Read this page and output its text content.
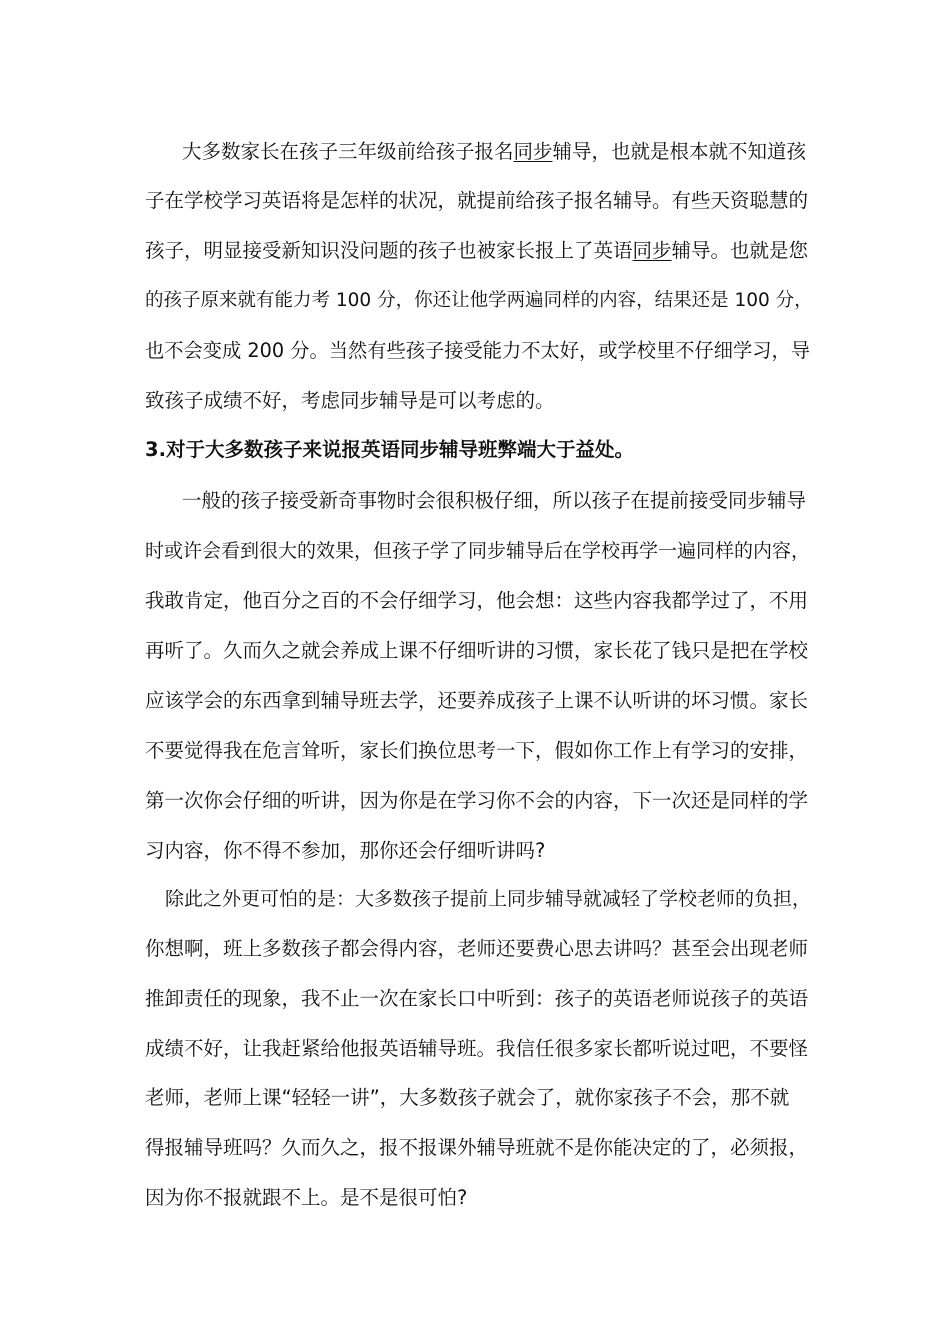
大多数家长在孩子三年级前给孩子报名同步辅导，也就是根本就不知道孩
子在学校学习英语将是怎样的状况，就提前给孩子报名辅导。有些天资聪慧的
孩子，明显接受新知识没问题的孩子也被家长报上了英语同步辅导。也就是您
的孩子原来就有能力考 100 分，你还让他学两遍同样的内容，结果还是 100 分，
也不会变成 200 分。当然有些孩子接受能力不太好，或学校里不仔细学习，导
致孩子成绩不好，考虑同步辅导是可以考虑的。
3.对于大多数孩子来说报英语同步辅导班弊端大于益处。
一般的孩子接受新奇事物时会很积极仔细，所以孩子在提前接受同步辅导
时或许会看到很大的效果，但孩子学了同步辅导后在学校再学一遍同样的内容，
我敢肯定，他百分之百的不会仔细学习，他会想：这些内容我都学过了，不用
再听了。久而久之就会养成上课不仔细听讲的习惯，家长花了钱只是把在学校
应该学会的东西拿到辅导班去学，还要养成孩子上课不认听讲的坏习惯。家长
不要觉得我在危言耸听，家长们换位思考一下，假如你工作上有学习的安排，
第一次你会仔细的听讲，因为你是在学习你不会的内容，下一次还是同样的学
习内容，你不得不参加，那你还会仔细听讲吗?
除此之外更可怕的是：大多数孩子提前上同步辅导就减轻了学校老师的负担，
你想啊，班上多数孩子都会得内容，老师还要费心思去讲吗？甚至会出现老师
推卸责任的现象，我不止一次在家长口中听到：孩子的英语老师说孩子的英语
成绩不好，让我赶紧给他报英语辅导班。我信任很多家长都听说过吧，不要怪
老师，老师上课“轻轻一讲”，大多数孩子就会了，就你家孩子不会，那不就
得报辅导班吗？久而久之，报不报课外辅导班就不是你能决定的了，必须报，
因为你不报就跟不上。是不是很可怕?
